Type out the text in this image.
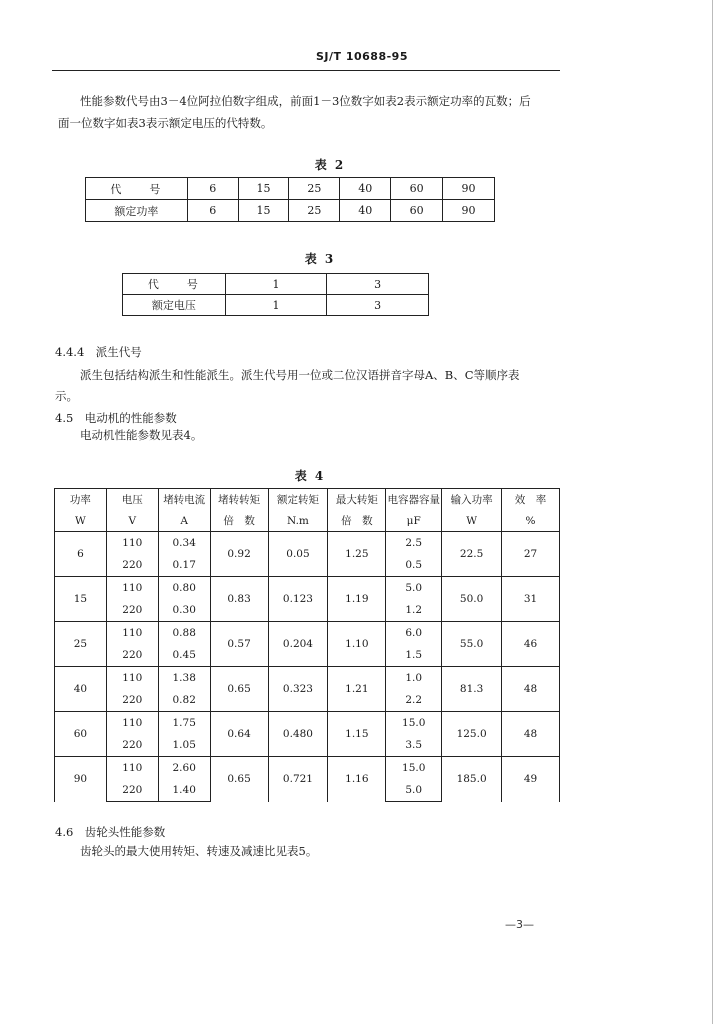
SJ/T 10688-95

性能参数代号由3－4位阿拉伯数字组成，前面1－3位数字如表2表示额定功率的瓦数；后

面一位数字如表3表示额定电压的代特数。

表 2
代　　号	6	15	25	40	60	90
额定功率	6	15	25	40	60	90
表 3
代　　号	1	3
额定电压	1	3

4.4.4　派生代号

派生包括结构派生和性能派生。派生代号用一位或二位汉语拼音字母A、B、C等顺序表

示。

4.5　电动机的性能参数

电动机性能参数见表4。

表 4
功率	电压	堵转电流	堵转转矩	额定转矩	最大转矩	电容器容量	输入功率	效　率
W	V	A	倍　数	N.m	倍　数	μF	W	%
6	110	0.34	0.92	0.05	1.25	2.5	22.5	27
	220	0.17				0.5		
15	110	0.80	0.83	0.123	1.19	5.0	50.0	31
	220	0.30				1.2		
25	110	0.88	0.57	0.204	1.10	6.0	55.0	46
	220	0.45				1.5		
40	110	1.38	0.65	0.323	1.21	1.0	81.3	48
	220	0.82				2.2		
60	110	1.75	0.64	0.480	1.15	15.0	125.0	48
	220	1.05				3.5		
90	110	2.60	0.65	0.721	1.16	15.0	185.0	49
	220	1.40				5.0		

4.6　齿轮头性能参数

齿轮头的最大使用转矩、转速及减速比见表5。

—3—
